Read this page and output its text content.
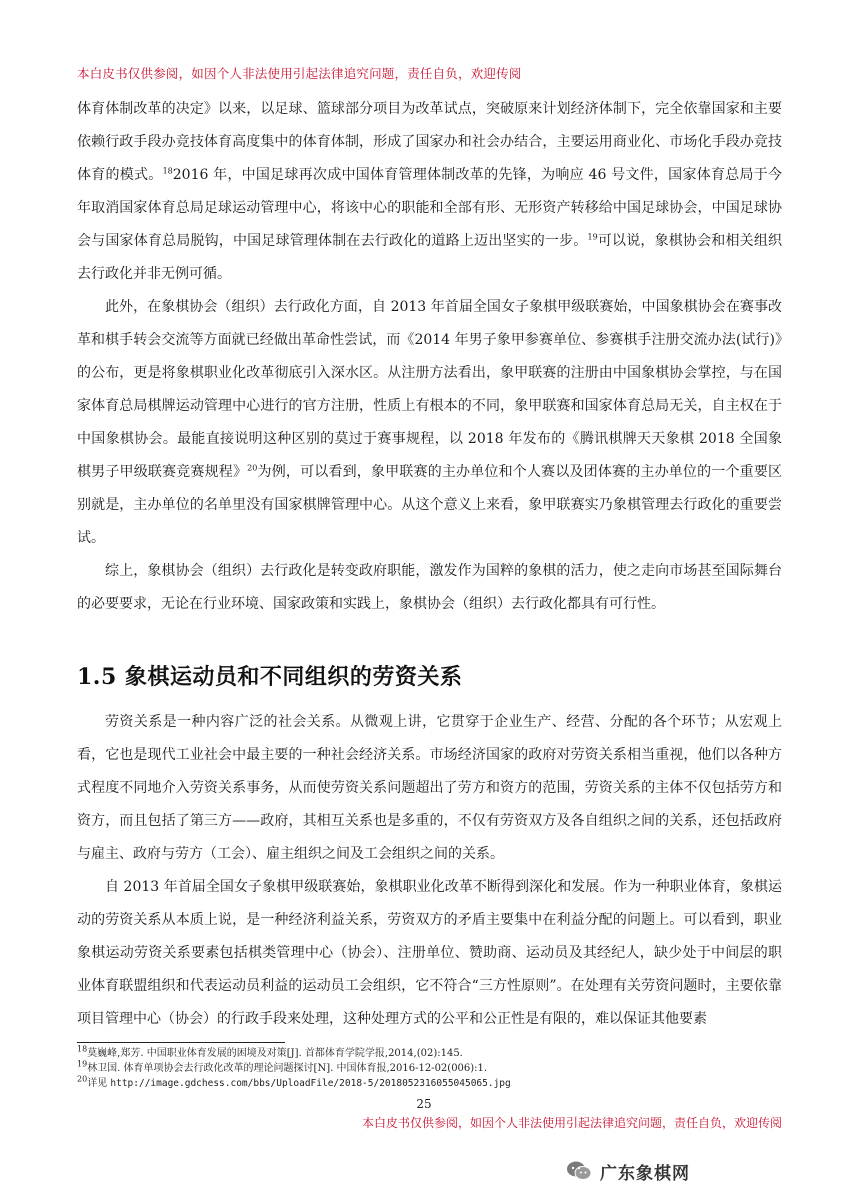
本白皮书仅供参阅，如因个人非法使用引起法律追究问题，责任自负，欢迎传阅

体育体制改革的决定》以来，以足球、篮球部分项目为改革试点，突破原来计划经济体制下，完全依靠国家和主要依赖行政手段办竞技体育高度集中的体育体制，形成了国家办和社会办结合，主要运用商业化、市场化手段办竞技体育的模式。$^{18}$2016 年，中国足球再次成中国体育管理体制改革的先锋，为响应 46 号文件，国家体育总局于今年取消国家体育总局足球运动管理中心，将该中心的职能和全部有形、无形资产转移给中国足球协会，中国足球协会与国家体育总局脱钩，中国足球管理体制在去行政化的道路上迈出坚实的一步。$^{19}$可以说，象棋协会和相关组织去行政化并非无例可循。

此外，在象棋协会（组织）去行政化方面，自 2013 年首届全国女子象棋甲级联赛始，中国象棋协会在赛事改革和棋手转会交流等方面就已经做出革命性尝试，而《2014 年男子象甲参赛单位、参赛棋手注册交流办法(试行)》的公布，更是将象棋职业化改革彻底引入深水区。从注册方法看出，象甲联赛的注册由中国象棋协会掌控，与在国家体育总局棋牌运动管理中心进行的官方注册，性质上有根本的不同，象甲联赛和国家体育总局无关，自主权在于中国象棋协会。最能直接说明这种区别的莫过于赛事规程，以 2018 年发布的《腾讯棋牌天天象棋 2018 全国象棋男子甲级联赛竞赛规程》$^{20}$为例，可以看到，象甲联赛的主办单位和个人赛以及团体赛的主办单位的一个重要区别就是，主办单位的名单里没有国家棋牌管理中心。从这个意义上来看，象甲联赛实乃象棋管理去行政化的重要尝试。

综上，象棋协会（组织）去行政化是转变政府职能，激发作为国粹的象棋的活力，使之走向市场甚至国际舞台的必要要求，无论在行业环境、国家政策和实践上，象棋协会（组织）去行政化都具有可行性。

1.5 象棋运动员和不同组织的劳资关系

劳资关系是一种内容广泛的社会关系。从微观上讲，它贯穿于企业生产、经营、分配的各个环节；从宏观上看，它也是现代工业社会中最主要的一种社会经济关系。市场经济国家的政府对劳资关系相当重视，他们以各种方式程度不同地介入劳资关系事务，从而使劳资关系问题超出了劳方和资方的范围，劳资关系的主体不仅包括劳方和资方，而且包括了第三方——政府，其相互关系也是多重的，不仅有劳资双方及各自组织之间的关系，还包括政府与雇主、政府与劳方（工会）、雇主组织之间及工会组织之间的关系。

自 2013 年首届全国女子象棋甲级联赛始，象棋职业化改革不断得到深化和发展。作为一种职业体育，象棋运动的劳资关系从本质上说，是一种经济利益关系，劳资双方的矛盾主要集中在利益分配的问题上。可以看到，职业象棋运动劳资关系要素包括棋类管理中心（协会）、注册单位、赞助商、运动员及其经纪人，缺少处于中间层的职业体育联盟组织和代表运动员利益的运动员工会组织，它不符合“三方性原则”。在处理有关劳资问题时，主要依靠项目管理中心（协会）的行政手段来处理，这种处理方式的公平和公正性是有限的，难以保证其他要素

$^{18}$莫巍峰,郑芳. 中国职业体育发展的困境及对策[J]. 首都体育学院学报,2014,(02):145.
$^{19}$林卫国. 体育单项协会去行政化改革的理论问题探讨[N]. 中国体育报,2016-12-02(006):1.
$^{20}$详见 http://image.gdchess.com/bbs/UploadFile/2018-5/2018052316055045065.jpg
25
本白皮书仅供参阅，如因个人非法使用引起法律追究问题，责任自负，欢迎传阅
广东象棋网
